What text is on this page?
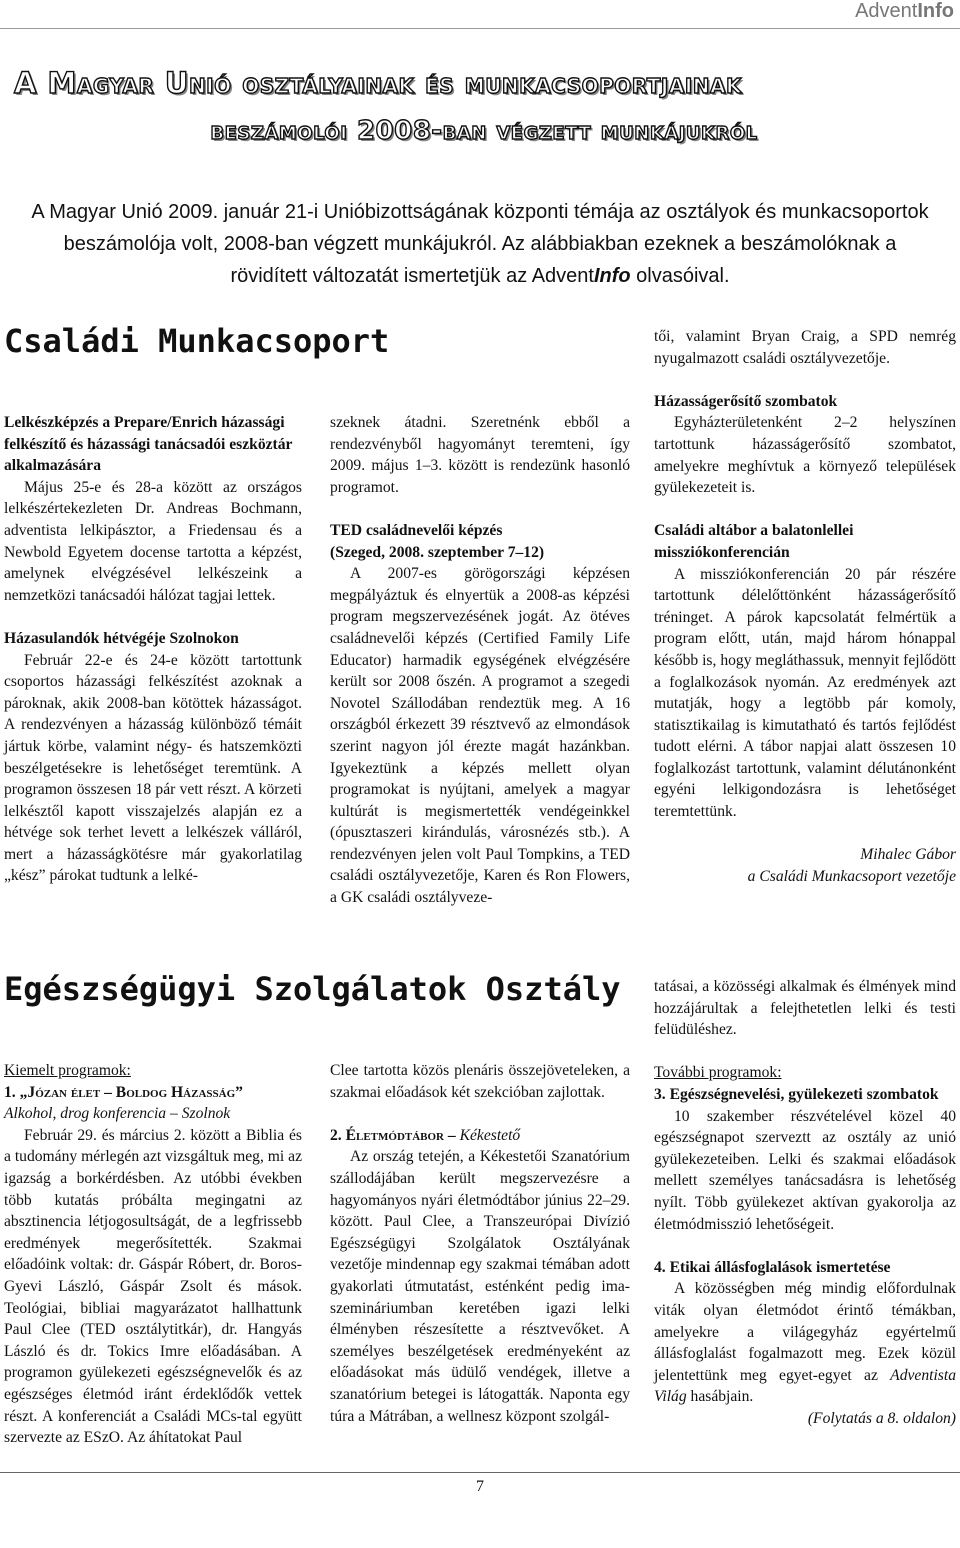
AdventInfo
A Magyar Unió osztályainak és munkacsoportjainak
beszámolói 2008-ban végzett munkájukról
A Magyar Unió 2009. január 21-i Unióbizottságának központi témája az osztályok és munkacsoportok beszámolója volt, 2008-ban végzett munkájukról. Az alábbiakban ezeknek a beszámolóknak a rövidített változatát ismertetjük az AdventInfo olvasóival.
Családi Munkacsoport
Lelkészképzés a Prepare/Enrich házassági felkészítő és házassági tanácsadói eszköztár alkalmazására

Május 25-e és 28-a között az országos lelkészértekezleten Dr. Andreas Bochmann, adventista lelkipásztor, a Friedensau és a Newbold Egyetem docense tartotta a képzést, amelynek elvégzésével lelkészeink a nemzetközi tanácsadói hálózat tagjai lettek.

Házasulandók hétvégéje Szolnokon

Február 22-e és 24-e között tartottunk csoportos házassági felkészítést azoknak a pároknak, akik 2008-ban kötöttek házasságot. A rendezvényen a házasság különböző témáit jártuk körbe, valamint négy- és hatszemközti beszélgetésekre is lehetőséget teremtünk. A programon összesen 18 pár vett részt. A körzeti lelkésztől kapott visszajelzés alapján ez a hétvége sok terhet levett a lelkészek válláról, mert a házasságkötésre már gyakorlatilag „kész” párokat tudtunk a lelké-

szeknek átadni. Szeretnénk ebből a rendezvényből hagyományt teremteni, így 2009. május 1–3. között is rendezünk hasonló programot.

TED családnevelői képzés
(Szeged, 2008. szeptember 7–12)

A 2007-es görögországi képzésen megpályáztuk és elnyertük a 2008-as képzési program megszervezésének jogát. Az ötéves családnevelői képzés (Certified Family Life Educator) harmadik egységének elvégzésére került sor 2008 őszén. A programot a szegedi Novotel Szállodában rendeztük meg. A 16 országból érkezett 39 résztvevő az elmondások szerint nagyon jól érezte magát hazánkban. Igyekeztünk a képzés mellett olyan programokat is nyújtani, amelyek a magyar kultúrát is megismertették vendégeinkkel (ópusztaszeri kirándulás, városnézés stb.). A rendezvényen jelen volt Paul Tompkins, a TED családi osztályvezetője, Karen és Ron Flowers, a GK családi osztályveze-

tői, valamint Bryan Craig, a SPD nemrég nyugalmazott családi osztályvezetője.

Házasságerősítő szombatok

Egyházterületenként 2–2 helyszínen tartottunk házasságerősítő szombatot, amelyekre meghívtuk a környező települések gyülekezeteit is.

Családi altábor a balatonlellei missziókonferencián

A missziókonferencián 20 pár részére tartottunk délelőttönként házasságerősítő tréninget. A párok kapcsolatát felmértük a program előtt, után, majd három hónappal később is, hogy megláthassuk, mennyit fejlődött a foglalkozások nyomán. Az eredmények azt mutatják, hogy a legtöbb pár komoly, statisztikailag is kimutatható és tartós fejlődést tudott elérni. A tábor napjai alatt összesen 10 foglalkozást tartottunk, valamint délutánonként egyéni lelkigondozásra is lehetőséget teremtettünk.

Mihalec Gábor

a Családi Munkacsoport vezetője

Egészségügyi Szolgálatok Osztály

Kiemelt programok:

1. „Józan élet – Boldog Házasság”

Alkohol, drog konferencia – Szolnok

Február 29. és március 2. között a Biblia és a tudomány mérlegén azt vizsgáltuk meg, mi az igazság a borkérdésben. Az utóbbi években több kutatás próbálta megingatni az absztinencia létjogosultságát, de a legfrissebb eredmények megerősítették. Szakmai előadóink voltak: dr. Gáspár Róbert, dr. Boros-Gyevi László, Gáspár Zsolt és mások. Teológiai, bibliai magyarázatot hallhattunk Paul Clee (TED osztálytitkár), dr. Hangyás László és dr. Tokics Imre előadásában. A programon gyülekezeti egészségnevelők és az egészséges életmód iránt érdeklődők vettek részt. A konferenciát a Családi MCs-tal együtt szervezte az ESzO. Az áhítatokat Paul

Clee tartotta közös plenáris összejöveteleken, a szakmai előadások két szekcióban zajlottak.

2. Életmódtábor – Kékestető

Az ország tetején, a Kékestetői Szanatórium szállodájában került megszervezésre a hagyományos nyári életmódtábor június 22–29. között. Paul Clee, a Transzeurópai Divízió Egészségügyi Szolgálatok Osztályának vezetője mindennap egy szakmai témában adott gyakorlati útmutatást, esténként pedig ima-szemináriumban keretében igazi lelki élményben részesítette a résztvevőket. A személyes beszélgetések eredményeként az előadásokat más üdülő vendégek, illetve a szanatórium betegei is látogatták. Naponta egy túra a Mátrában, a wellnesz központ szolgál-

tatásai, a közösségi alkalmak és élmények mind hozzájárultak a felejthetetlen lelki és testi felüdüléshez.

További programok:

3. Egészségnevelési, gyülekezeti szombatok

10 szakember részvételével közel 40 egészségnapot szerveztt az osztály az unió gyülekezeteiben. Lelki és szakmai előadások mellett személyes tanácsadásra is lehetőség nyílt. Több gyülekezet aktívan gyakorolja az életmódmisszió lehetőségeit.

4. Etikai állásfoglalások ismertetése

A közösségben még mindig előfordulnak viták olyan életmódot érintő témákban, amelyekre a világegyház egyértelmű állásfoglalást fogalmazott meg. Ezek közül jelentettünk meg egyet-egyet az Adventista Világ hasábjain.

(Folytatás a 8. oldalon)

7
